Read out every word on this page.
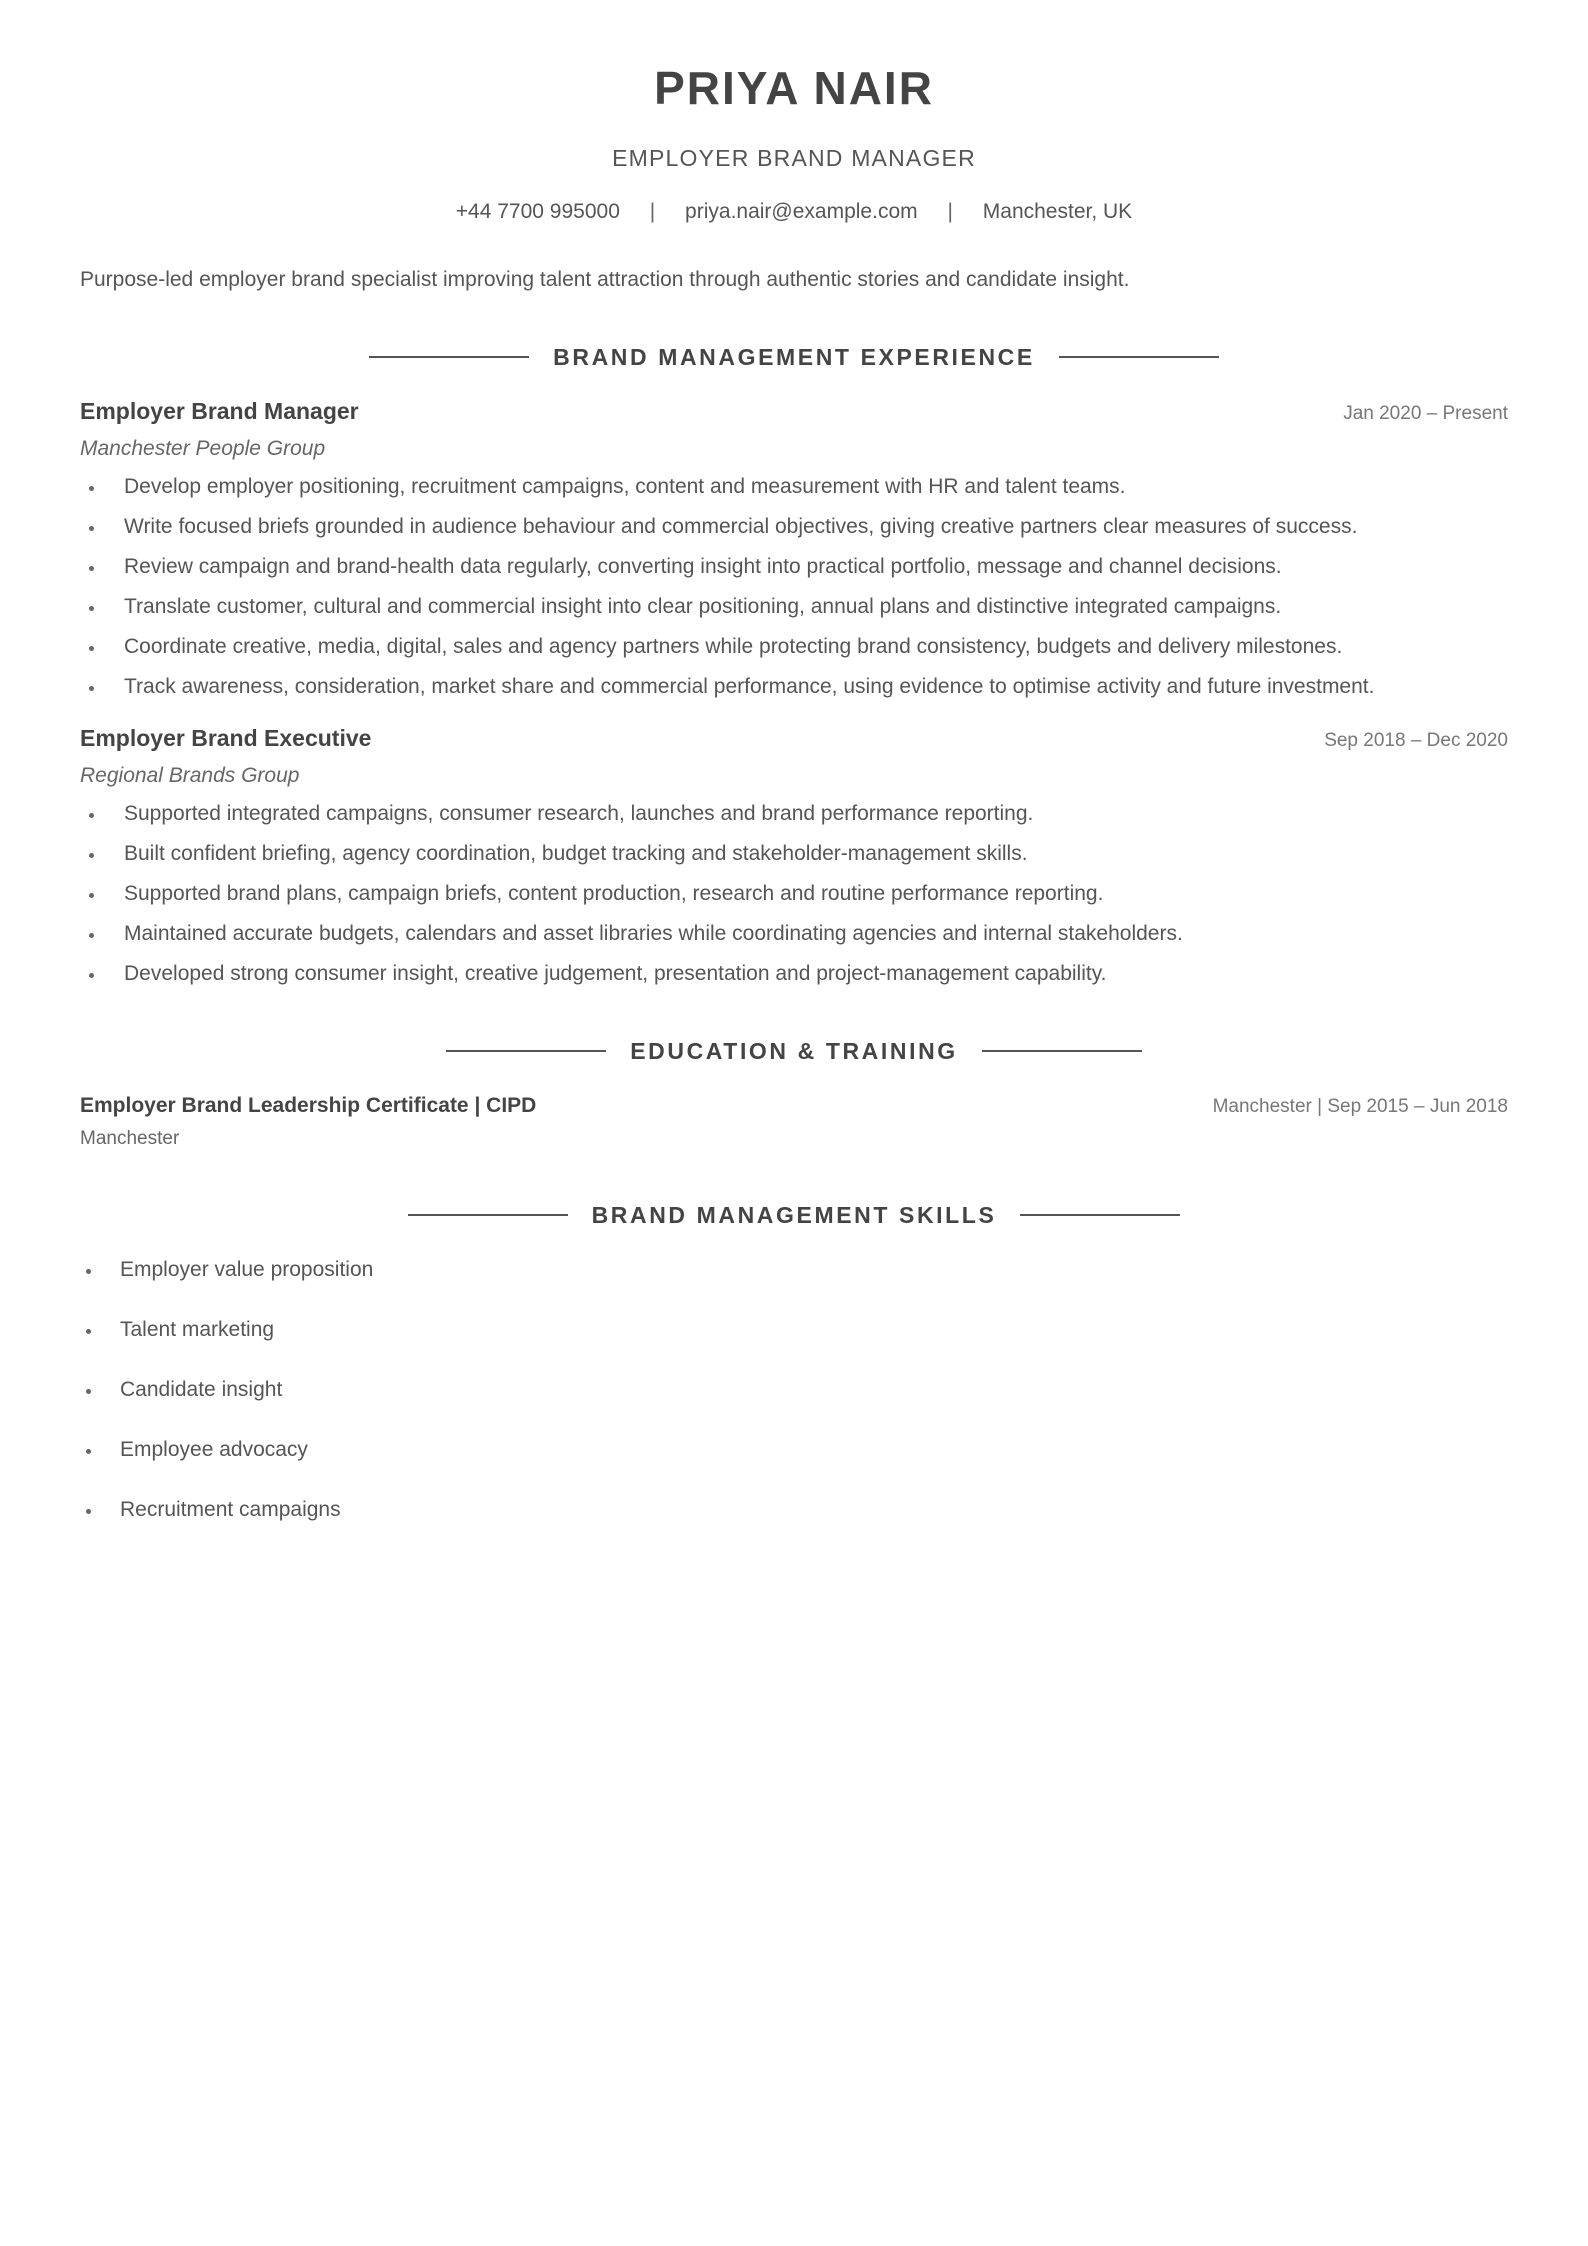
PRIYA NAIR
EMPLOYER BRAND MANAGER
+44 7700 995000 | priya.nair@example.com | Manchester, UK
Purpose-led employer brand specialist improving talent attraction through authentic stories and candidate insight.
BRAND MANAGEMENT EXPERIENCE
Employer Brand Manager	Jan 2020 – Present
Manchester People Group
Develop employer positioning, recruitment campaigns, content and measurement with HR and talent teams.
Write focused briefs grounded in audience behaviour and commercial objectives, giving creative partners clear measures of success.
Review campaign and brand-health data regularly, converting insight into practical portfolio, message and channel decisions.
Translate customer, cultural and commercial insight into clear positioning, annual plans and distinctive integrated campaigns.
Coordinate creative, media, digital, sales and agency partners while protecting brand consistency, budgets and delivery milestones.
Track awareness, consideration, market share and commercial performance, using evidence to optimise activity and future investment.
Employer Brand Executive	Sep 2018 – Dec 2020
Regional Brands Group
Supported integrated campaigns, consumer research, launches and brand performance reporting.
Built confident briefing, agency coordination, budget tracking and stakeholder-management skills.
Supported brand plans, campaign briefs, content production, research and routine performance reporting.
Maintained accurate budgets, calendars and asset libraries while coordinating agencies and internal stakeholders.
Developed strong consumer insight, creative judgement, presentation and project-management capability.
EDUCATION & TRAINING
Employer Brand Leadership Certificate | CIPD	Manchester | Sep 2015 – Jun 2018
Manchester
BRAND MANAGEMENT SKILLS
Employer value proposition
Talent marketing
Candidate insight
Employee advocacy
Recruitment campaigns
